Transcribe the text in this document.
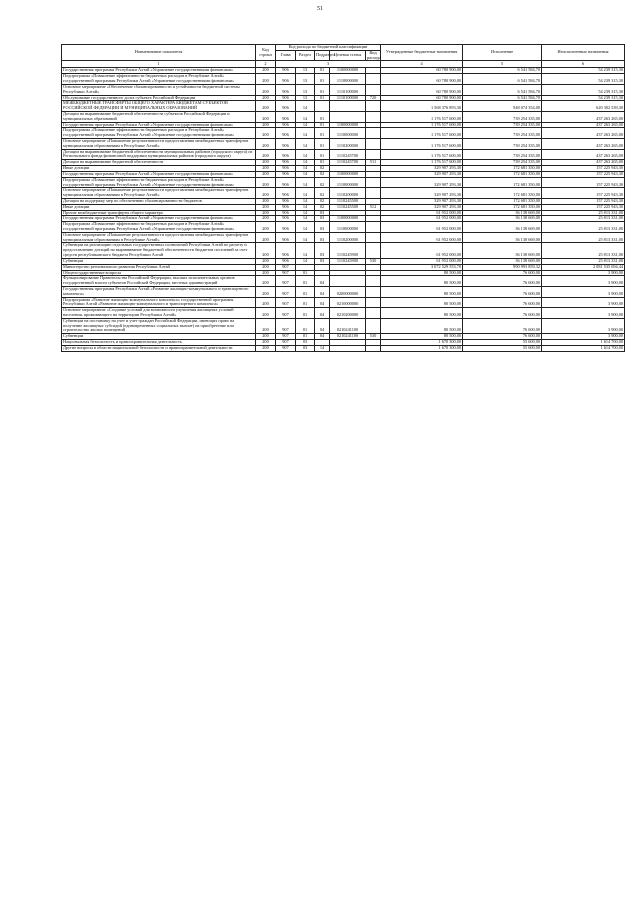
51
Наименование показателя	Код строки	Код расхода по бюджетной классификации					Утвержденные бюджетные назначения	Исполнение	Неисполненные назначения
		Глава	Раздел	Подраздел	Целевая статья	Вид расхода			
1	2	3					4	5	6
Государственная программа Республики Алтай «Управление государственными финансами»	200	906	13	01	1100000000		60 780 900,00	6 541 584,70	54 239 315,30
Подпрограмма «Повышение эффективности бюджетных расходов в Республике Алтай» государственной программы Республики Алтай «Управление государственными финансами»	200	906	13	01	1110000000		60 780 900,00	6 541 584,70	54 239 315,30
Основное мероприятие «Обеспечение сбалансированности и устойчивости бюджетной системы Республики Алтай»	200	906	13	01	1110100000		60 780 900,00	6 541 584,70	54 239 315,30
Обслуживание государственного долга субъекта Российской Федерации	200	906	13	01	1110100000	720	60 780 900,00	6 541 584,70	54 239 315,30
МЕЖБЮДЖЕТНЫЕ ТРАНСФЕРТЫ ОБЩЕГО ХАРАКТЕРА БЮДЖЕТАМ СУБЪЕКТОВ РОССИЙСКОЙ ФЕДЕРАЦИИ И МУНИЦИПАЛЬНЫХ ОБРАЗОВАНИЙ	200	906	14				1 568 376 893,30	948 074 354,00	620 302 539,30
Дотации на выравнивание бюджетной обеспеченности субъектов Российской Федерации и муниципальных образований	200	906	14	01			1 176 517 600,00	739 254 335,00	437 263 265,00
Государственная программа Республики Алтай «Управление государственными финансами»	200	906	14	01	1100000000		1 176 517 600,00	739 254 335,00	437 263 265,00
Подпрограмма «Повышение эффективности бюджетных расходов в Республике Алтай» государственной программы Республики Алтай «Управление государственными финансами»	200	906	14	01	1110000000		1 176 517 600,00	739 254 335,00	437 263 265,00
Основное мероприятие «Повышение результативности предоставления межбюджетных трансфертов муниципальным образованиям в Республике Алтай»	200	906	14	01	1110200000		1 176 517 600,00	739 254 335,00	437 263 265,00
Дотации на выравнивание бюджетной обеспеченности муниципальных районов (городского округа) из Регионального фонда финансовой поддержки муниципальных районов (городского округа)	200	906	14	01	1110245700		1 176 517 600,00	739 254 335,00	437 263 265,00
Дотации на выравнивание бюджетной обеспеченности	200	906	14	01	1110245700	511	1 176 517 600,00	739 254 335,00	437 263 265,00
Иные дотации	200	906	14	02			329 907 293,30	172 681 350,00	157 225 943,30
Государственная программа Республики Алтай «Управление государственными финансами»	200	906	14	02	1100000000		329 907 293,30	172 681 350,00	157 225 943,30
Подпрограмма «Повышение эффективности бюджетных расходов в Республике Алтай» государственной программы Республики Алтай «Управление государственными финансами»	200	906	14	02	1110000000		329 907 293,30	172 681 350,00	157 225 943,30
Основное мероприятие «Повышение результативности предоставления межбюджетных трансфертов муниципальным образованиям в Республике Алтай»	200	906	14	02	1110200000		329 907 293,30	172 681 350,00	157 225 943,30
Дотации на поддержку мер по обеспечению сбалансированности бюджетов	200	906	14	02	1110245500		329 907 293,30	172 681 350,00	157 225 943,30
Иные дотации	200	906	14	02	1110245500	512	329 907 293,30	172 681 350,00	157 225 943,30
Прочие межбюджетные трансферты общего характера	200	906	14	03			61 952 000,00	36 138 669,00	25 813 331,00
Государственная программа Республики Алтай «Управление государственными финансами»	200	906	14	03	1100000000		61 952 000,00	36 138 669,00	25 813 331,00
Подпрограмма «Повышение эффективности бюджетных расходов в Республике Алтай» государственной программы Республики Алтай «Управление государственными финансами»	200	906	14	03	1110000000		61 952 000,00	36 138 669,00	25 813 331,00
Основное мероприятие «Повышение результативности предоставления межбюджетных трансфертов муниципальным образованиям в Республике Алтай»	200	906	14	03	1110200000		61 952 000,00	36 138 669,00	25 813 331,00
Субвенции на реализацию отдельных государственных полномочий Республики Алтай по расчету и предоставлению дотаций на выравнивание бюджетной обеспеченности бюджетов поселений за счет средств республиканского бюджета Республики Алтай	200	906	14	03	1110245900		61 952 000,00	36 138 669,00	25 813 331,00
Субвенции	200	906	14	03	1110245900	530	61 952 000,00	36 138 669,00	25 813 331,00
Министерство регионального развития Республики Алтай	200	907					3 072 529 553,70	990 993 859,32	2 081 535 694,44
Общегосударственные вопросы	200	907	01				80 500,00	76 600,00	3 900,00
Функционирование Правительства Российской Федерации, высших исполнительных органов государственной власти субъектов Российской Федерации, местных администраций	200	907	01	04			80 500,00	76 600,00	3 900,00
Государственная программа Республики Алтай «Развитие жилищно-коммунального и транспортного комплекса»	200	907	01	04	0200000000		80 500,00	76 600,00	3 900,00
Подпрограмма «Развитие жилищно-коммунального комплекса» государственной программы Республики Алтай «Развитие жилищно-коммунального и транспортного комплекса»	200	907	01	04	0210000000		80 500,00	76 600,00	3 900,00
Основное мероприятие «Создание условий для возможности улучшения жилищных условий населения, проживающего на территории Республики Алтай»	200	907	01	04	0210200000		80 500,00	76 600,00	3 900,00
Субвенции на постановку на учет и учет граждан Российской Федерации, имеющих право на получение жилищных субсидий (единовременных социальных выплат) на приобретение или строительство жилых помещений	200	907	01	04	0210241100		80 500,00	76 600,00	3 900,00
Субвенции	200	907	01	04	0210241100	530	80 500,00	76 600,00	3 900,00
Национальная безопасность и правоохранительная деятельность	200	907	03				1 670 300,00	55 600,00	1 614 700,00
Другие вопросы в области национальной безопасности и правоохранительной деятельности	200	907	03	14			1 670 300,00	55 600,00	1 614 700,00
